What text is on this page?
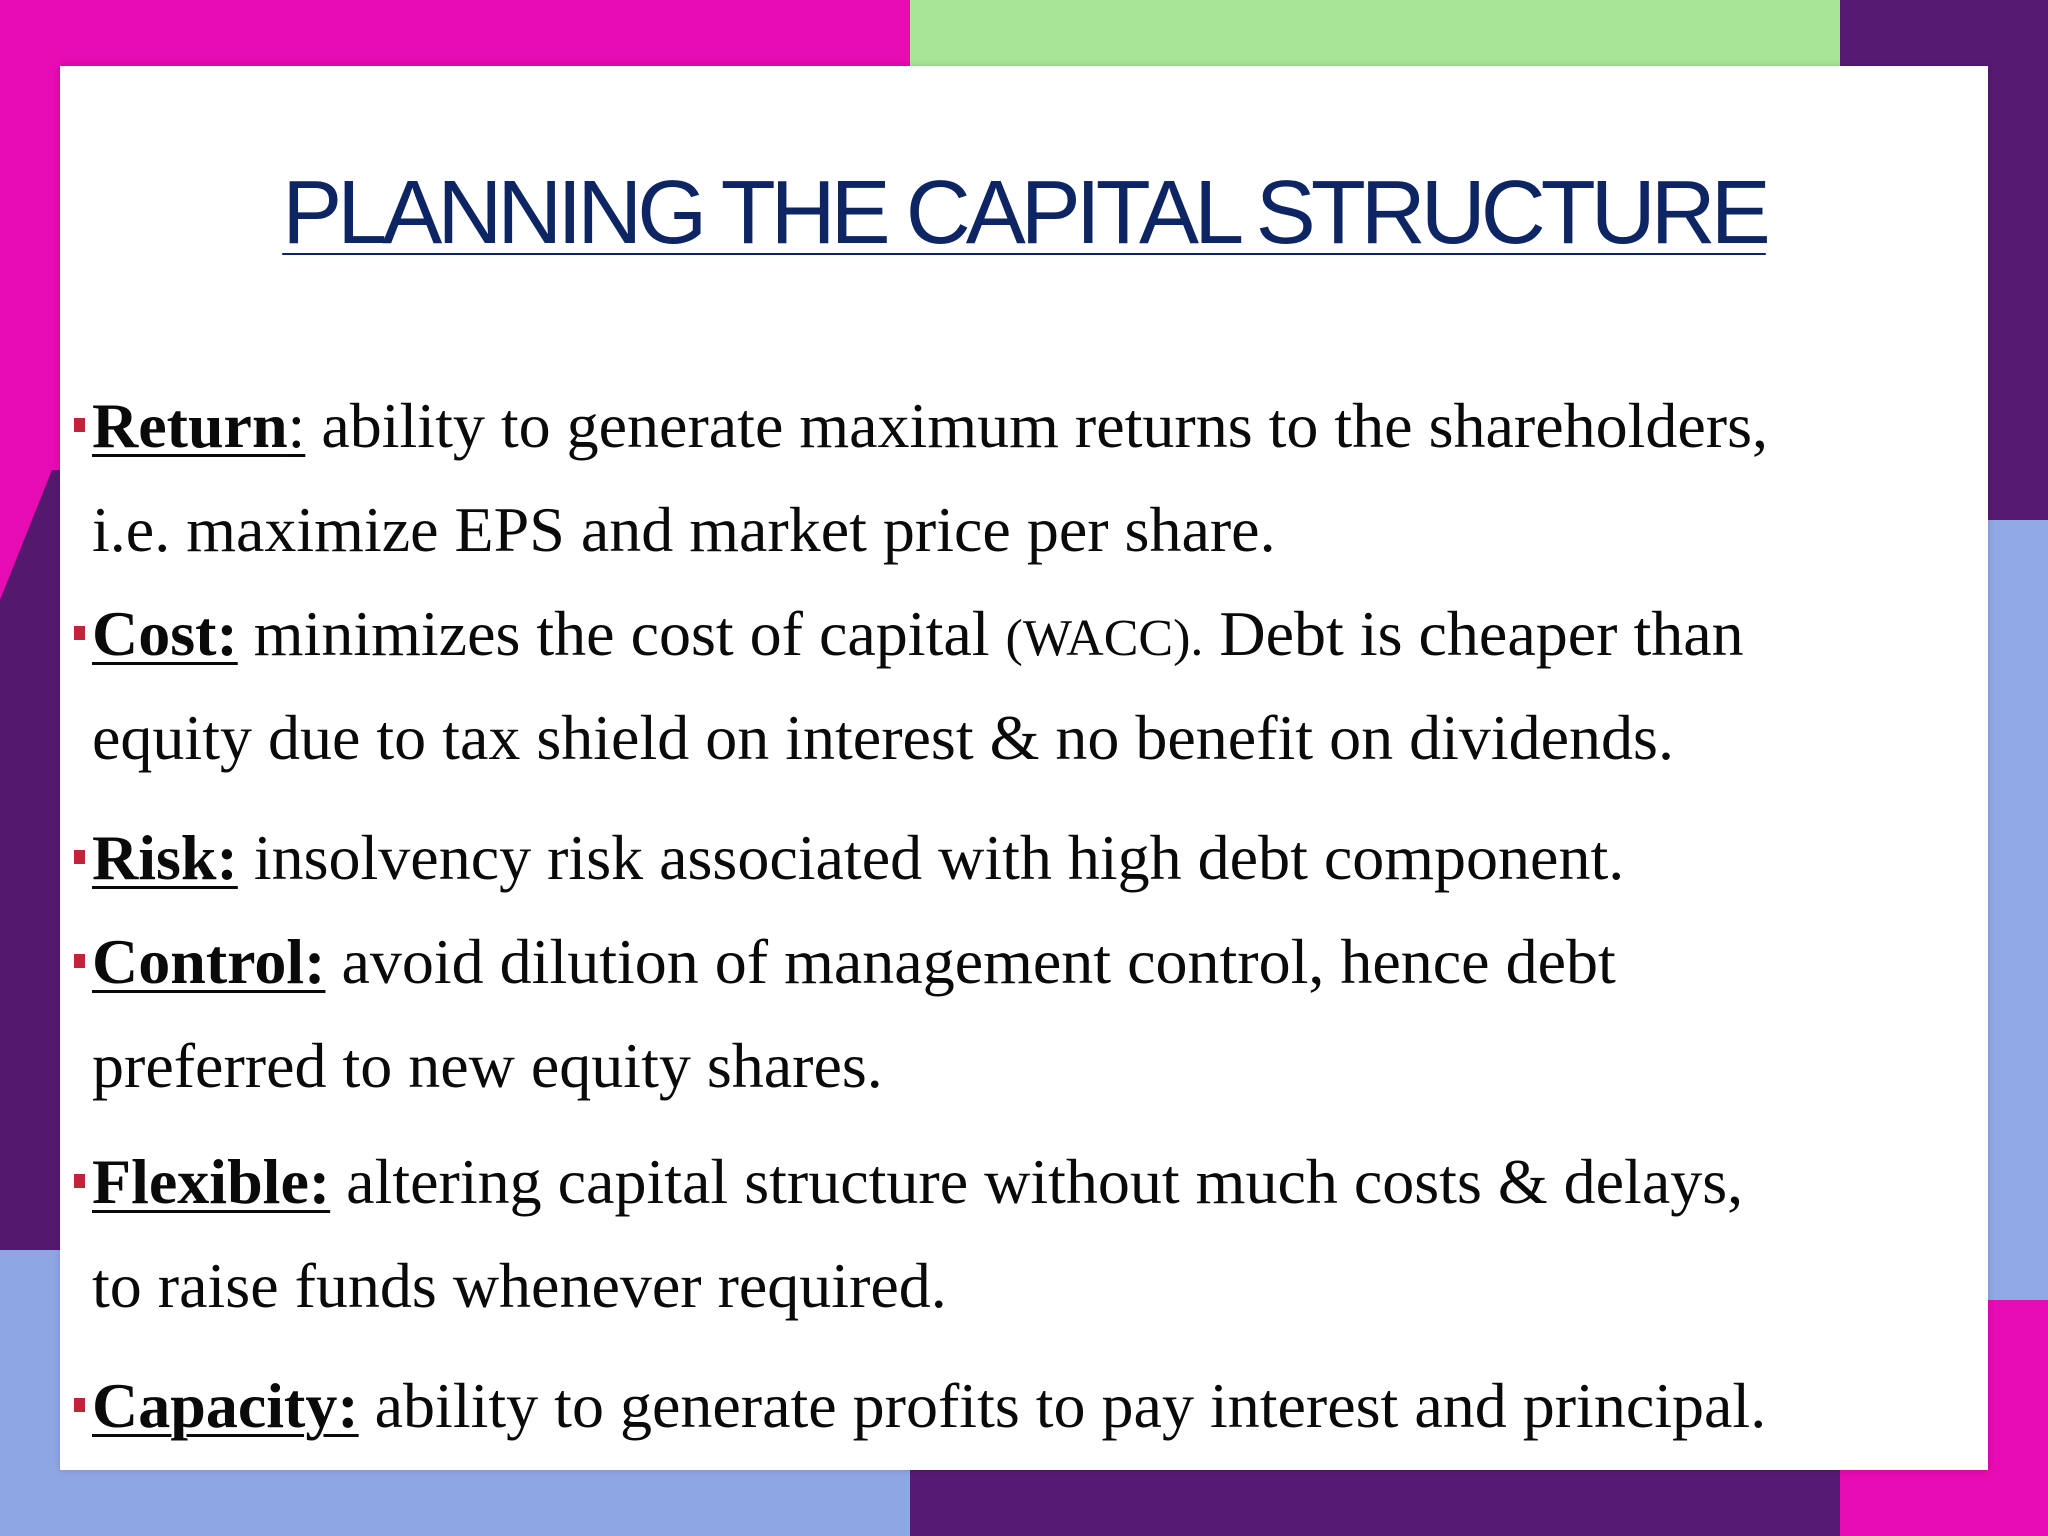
PLANNING THE CAPITAL STRUCTURE
Return: ability to generate maximum returns to the shareholders,
i.e. maximize EPS and market price per share.
Cost: minimizes the cost of capital (WACC). Debt is cheaper than
equity due to tax shield on interest & no benefit on dividends.
Risk: insolvency risk associated with high debt component.
Control: avoid dilution of management control, hence debt
preferred to new equity shares.
Flexible: altering capital structure without much costs & delays,
to raise funds whenever required.
Capacity: ability to generate profits to pay interest and principal.
